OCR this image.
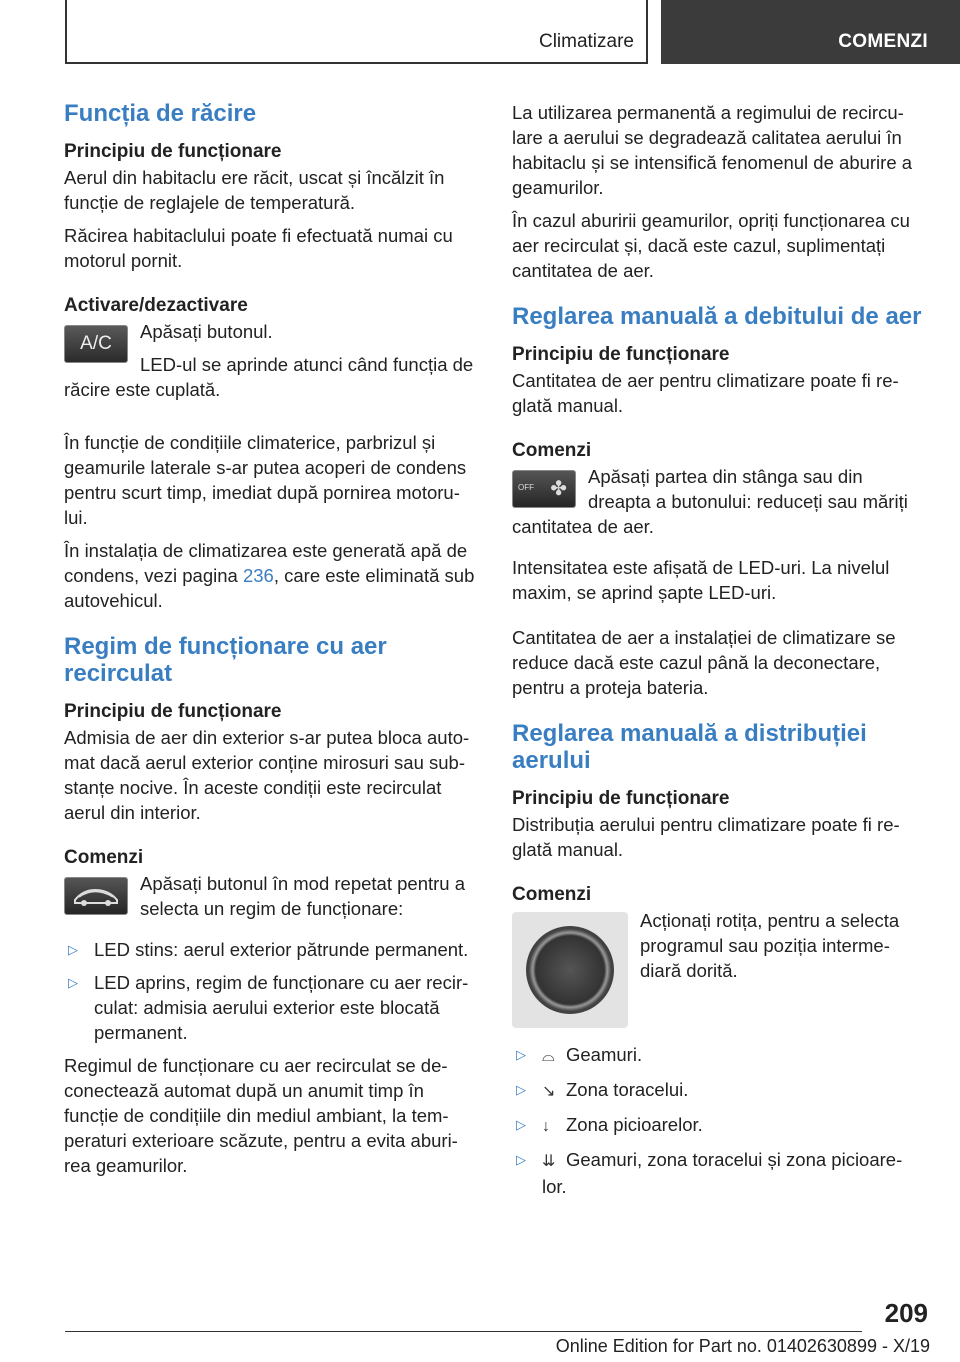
Climatizare	COMENZI
Funcția de răcire
Principiu de funcționare

Aerul din habitaclu ere răcit, uscat și încălzit în funcție de reglajele de temperatură.

Răcirea habitaclului poate fi efectuată numai cu motorul pornit.

Activare/dezactivare
A/C

Apăsați butonul.

LED-ul se aprinde atunci când funcția de răcire este cuplată.

În funcție de condițiile climaterice, parbrizul și geamurile laterale s-ar putea acoperi de condens pentru scurt timp, imediat după pornirea motoru-lui.

În instalația de climatizarea este generată apă de condens, vezi pagina 236, care este eliminată sub autovehicul.

Regim de funcționare cu aer recirculat
Principiu de funcționare

Admisia de aer din exterior s-ar putea bloca auto-mat dacă aerul exterior conține mirosuri sau sub-stanțe nocive. În aceste condiții este recirculat aerul din interior.

Comenzi

Apăsați butonul în mod repetat pentru a selecta un regim de funcționare:

▷ LED stins: aerul exterior pătrunde permanent.
▷ LED aprins, regim de funcționare cu aer recir-culat: admisia aerului exterior este blocată permanent.

Regimul de funcționare cu aer recirculat se de-conectează automat după un anumit timp în funcție de condițiile din mediul ambiant, la tem-peraturi exterioare scăzute, pentru a evita aburi-rea geamurilor.

La utilizarea permanentă a regimului de recircu-lare a aerului se degradează calitatea aerului în habitaclu și se intensifică fenomenul de aburire a geamurilor.

În cazul aburirii geamurilor, opriți funcționarea cu aer recirculat și, dacă este cazul, suplimentați cantitatea de aer.

Reglarea manuală a debitului de aer
Principiu de funcționare

Cantitatea de aer pentru climatizare poate fi re-glată manual.

Comenzi
OFF ✤

Apăsați partea din stânga sau din dreapta a butonului: reduceți sau măriți cantitatea de aer.

Intensitatea este afișată de LED-uri. La nivelul maxim, se aprind șapte LED-uri.

Cantitatea de aer a instalației de climatizare se reduce dacă este cazul până la deconectare, pentru a proteja bateria.

Reglarea manuală a distribuției aerului
Principiu de funcționare

Distribuția aerului pentru climatizare poate fi re-glată manual.

Comenzi

Acționați rotița, pentru a selecta programul sau poziția interme-diară dorită.

▷ ⌓ Geamuri.
▷ ↘ Zona toracelui.
▷ ↓ Zona picioarelor.
▷ ⇊ Geamuri, zona toracelui și zona picioare-lor.
209
Online Edition for Part no. 01402630899 - X/19
